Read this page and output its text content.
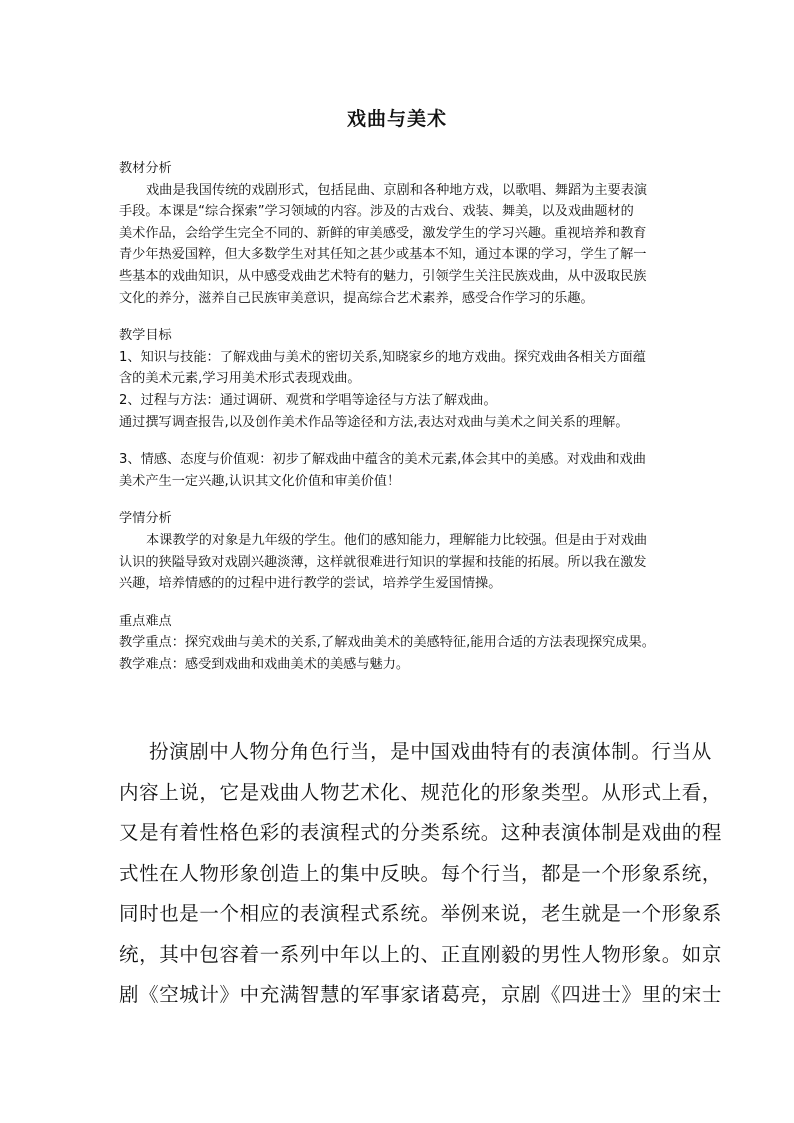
戏曲与美术

教材分析

戏曲是我国传统的戏剧形式，包括昆曲、京剧和各种地方戏，以歌唱、舞蹈为主要表演

手段。本课是“综合探索”学习领域的内容。涉及的古戏台、戏装、舞美，以及戏曲题材的

美术作品，会给学生完全不同的、新鲜的审美感受，激发学生的学习兴趣。重视培养和教育

青少年热爱国粹，但大多数学生对其任知之甚少或基本不知，通过本课的学习，学生了解一

些基本的戏曲知识，从中感受戏曲艺术特有的魅力，引领学生关注民族戏曲，从中汲取民族

文化的养分，滋养自己民族审美意识，提高综合艺术素养，感受合作学习的乐趣。

教学目标

1、知识与技能：了解戏曲与美术的密切关系,知晓家乡的地方戏曲。探究戏曲各相关方面蕴

含的美术元素,学习用美术形式表现戏曲。

2、过程与方法：通过调研、观赏和学唱等途径与方法了解戏曲。

通过撰写调查报告,以及创作美术作品等途径和方法,表达对戏曲与美术之间关系的理解。

3、情感、态度与价值观：初步了解戏曲中蕴含的美术元素,体会其中的美感。对戏曲和戏曲

美术产生一定兴趣,认识其文化价值和审美价值！

学情分析

本课教学的对象是九年级的学生。他们的感知能力，理解能力比较强。但是由于对戏曲

认识的狭隘导致对戏剧兴趣淡薄，这样就很难进行知识的掌握和技能的拓展。所以我在激发

兴趣，培养情感的的过程中进行教学的尝试，培养学生爱国情操。

重点难点

教学重点：探究戏曲与美术的关系,了解戏曲美术的美感特征,能用合适的方法表现探究成果。

教学难点：感受到戏曲和戏曲美术的美感与魅力。

扮演剧中人物分角色行当，是中国戏曲特有的表演体制。行当从

内容上说，它是戏曲人物艺术化、规范化的形象类型。从形式上看，

又是有着性格色彩的表演程式的分类系统。这种表演体制是戏曲的程

式性在人物形象创造上的集中反映。每个行当，都是一个形象系统，

同时也是一个相应的表演程式系统。举例来说，老生就是一个形象系

统，其中包容着一系列中年以上的、正直刚毅的男性人物形象。如京

剧《空城计》中充满智慧的军事家诸葛亮，京剧《四进士》里的宋士
